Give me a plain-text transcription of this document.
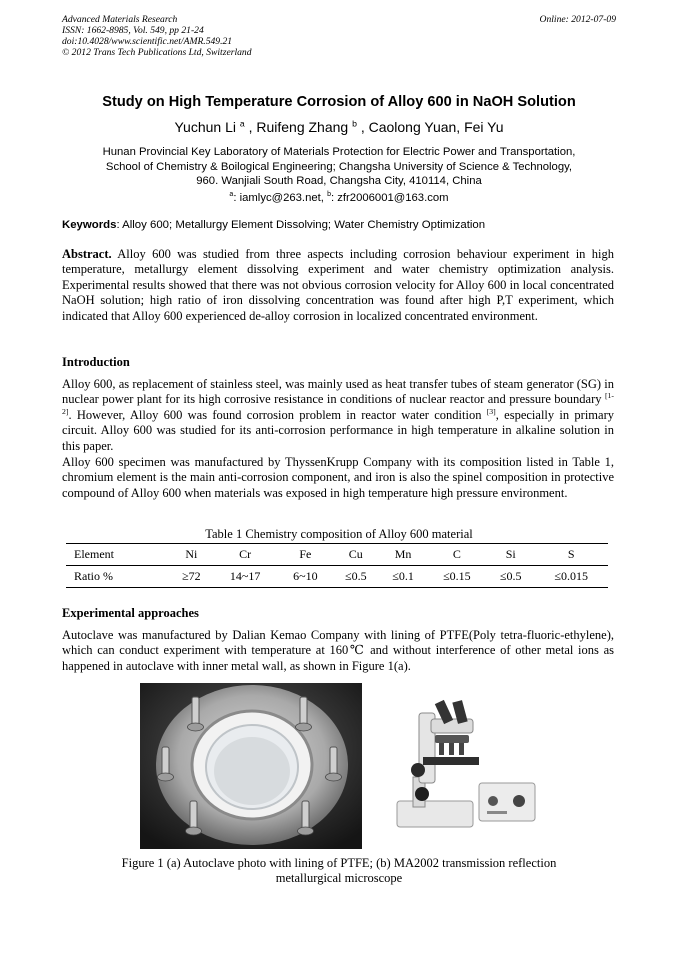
Advanced Materials Research
ISSN: 1662-8985, Vol. 549, pp 21-24
doi:10.4028/www.scientific.net/AMR.549.21
© 2012 Trans Tech Publications Ltd, Switzerland
Online: 2012-07-09
Study on High Temperature Corrosion of Alloy 600 in NaOH Solution
Yuchun Li $^a$ , Ruifeng Zhang $^b$ , Caolong Yuan, Fei Yu
Hunan Provincial Key Laboratory of Materials Protection for Electric Power and Transportation,
School of Chemistry & Boilogical Engineering; Changsha University of Science & Technology,
960. Wanjiali South Road, Changsha City, 410114, China
$^a$: iamlyc@263.net, $^b$: zfr2006001@163.com
Keywords: Alloy 600; Metallurgy Element Dissolving; Water Chemistry Optimization

Abstract. Alloy 600 was studied from three aspects including corrosion behaviour experiment in high temperature, metallurgy element dissolving experiment and water chemistry optimization analysis. Experimental results showed that there was not obvious corrosion velocity for Alloy 600 in local concentrated NaOH solution; high ratio of iron dissolving concentration was found after high P,T experiment, which indicated that Alloy 600 experienced de-alloy corrosion in localized concentrated environment.

Introduction

Alloy 600, as replacement of stainless steel, was mainly used as heat transfer tubes of steam generator (SG) in nuclear power plant for its high corrosive resistance in conditions of nuclear reactor and pressure boundary [1-2]. However, Alloy 600 was found corrosion problem in reactor water condition [3], especially in primary circuit. Alloy 600 was studied for its anti-corrosion performance in high temperature in alkaline solution in this paper.

Alloy 600 specimen was manufactured by ThyssenKrupp Company with its composition listed in Table 1, chromium element is the main anti-corrosion component, and iron is also the spinel composition in protective compound of Alloy 600 when materials was exposed in high temperature high pressure environment.

Table 1 Chemistry composition of Alloy 600 material
Element	Ni	Cr	Fe	Cu	Mn	C	Si	S
Ratio %	≥72	14~17	6~10	≤0.5	≤0.1	≤0.15	≤0.5	≤0.015
Experimental approaches

Autoclave was manufactured by Dalian Kemao Company with lining of PTFE(Poly tetra-fluoric-ethylene), which can conduct experiment with temperature at 160℃ and without interference of other metal ions as happened in autoclave with inner metal wall, as shown in Figure 1(a).

Figure 1 (a) Autoclave photo with lining of PTFE; (b) MA2002 transmission reflection
metallurgical microscope
